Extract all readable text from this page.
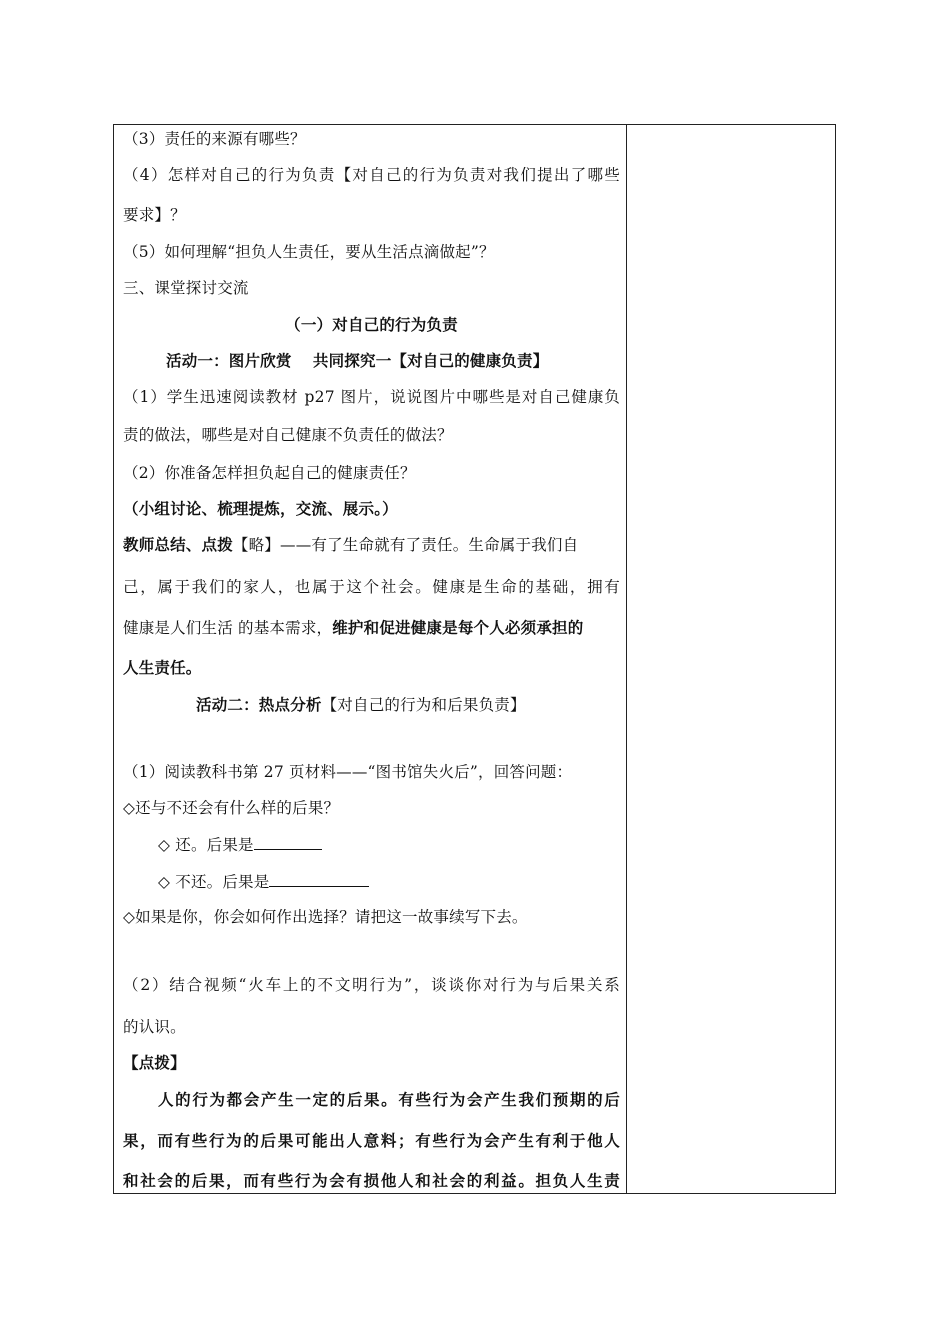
（3）责任的来源有哪些？
（4）怎样对自己的行为负责【对自己的行为负责对我们提出了哪些
要求】？
（5）如何理解“担负人生责任，要从生活点滴做起”？
三、课堂探讨交流
（一）对自己的行为负责
活动一：图片欣赏　 共同探究一【对自己的健康负责】
（1）学生迅速阅读教材 p27 图片，说说图片中哪些是对自己健康负
责的做法，哪些是对自己健康不负责任的做法？
（2）你准备怎样担负起自己的健康责任？
（小组讨论、梳理提炼，交流、展示。）
教师总结、点拨【略】——有了生命就有了责任。生命属于我们自
己，属于我们的家人，也属于这个社会。健康是生命的基础，拥有
健康是人们生活 的基本需求，维护和促进健康是每个人必须承担的
人生责任。
活动二：热点分析【对自己的行为和后果负责】
（1）阅读教科书第 27 页材料——“图书馆失火后”，回答问题：
◇还与不还会有什么样的后果？
◇ 还。后果是
◇ 不还。后果是
◇如果是你，你会如何作出选择？请把这一故事续写下去。
（2）结合视频“火车上的不文明行为”，谈谈你对行为与后果关系
的认识。
【点拨】
人的行为都会产生一定的后果。有些行为会产生我们预期的后
果，而有些行为的后果可能出人意料；有些行为会产生有利于他人
和社会的后果，而有些行为会有损他人和社会的利益。担负人生责
